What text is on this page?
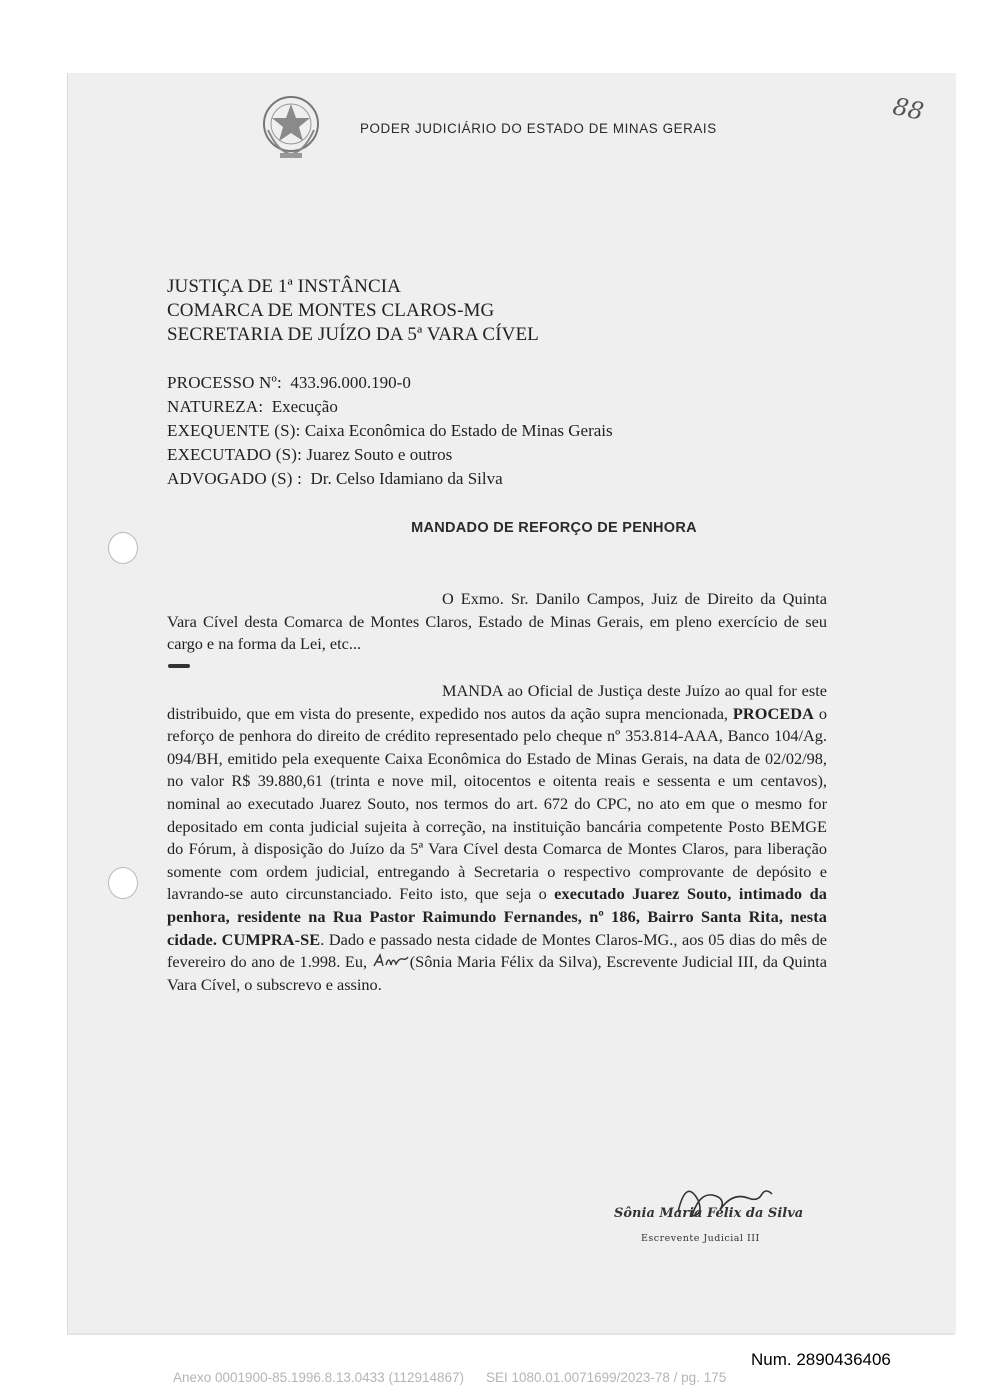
PODER JUDICIÁRIO DO ESTADO DE MINAS GERAIS
88
JUSTIÇA DE 1ª INSTÂNCIA
COMARCA DE MONTES CLAROS-MG
SECRETARIA DE JUÍZO DA 5ª VARA CÍVEL
PROCESSO Nº: 433.96.000.190-0
NATUREZA: Execução
EXEQUENTE (S): Caixa Econômica do Estado de Minas Gerais
EXECUTADO (S): Juarez Souto e outros
ADVOGADO (S) : Dr. Celso Idamiano da Silva
MANDADO DE REFORÇO DE PENHORA
O Exmo. Sr. Danilo Campos, Juiz de Direito da Quinta Vara Cível desta Comarca de Montes Claros, Estado de Minas Gerais, em pleno exercício de seu cargo e na forma da Lei, etc...
MANDA ao Oficial de Justiça deste Juízo ao qual for este distribuido, que em vista do presente, expedido nos autos da ação supra mencionada, PROCEDA o reforço de penhora do direito de crédito representado pelo cheque nº 353.814-AAA, Banco 104/Ag. 094/BH, emitido pela exequente Caixa Econômica do Estado de Minas Gerais, na data de 02/02/98, no valor R$ 39.880,61 (trinta e nove mil, oitocentos e oitenta reais e sessenta e um centavos), nominal ao executado Juarez Souto, nos termos do art. 672 do CPC, no ato em que o mesmo for depositado em conta judicial sujeita à correção, na instituição bancária competente Posto BEMGE do Fórum, à disposição do Juízo da 5ª Vara Cível desta Comarca de Montes Claros, para liberação somente com ordem judicial, entregando à Secretaria o respectivo comprovante de depósito e lavrando-se auto circunstanciado. Feito isto, que seja o executado Juarez Souto, intimado da penhora, residente na Rua Pastor Raimundo Fernandes, nº 186, Bairro Santa Rita, nesta cidade. CUMPRA-SE. Dado e passado nesta cidade de Montes Claros-MG., aos 05 dias do mês de fevereiro do ano de 1.998. Eu,	(Sônia Maria Félix da Silva), Escrevente Judicial III, da Quinta Vara Cível, o subscrevo e assino.
Sônia Maria Félix da Silva
Escrevente Judicial III
Num. 2890436406
Anexo 0001900-85.1996.8.13.0433 (112914867) SEI 1080.01.0071699/2023-78 / pg. 175
